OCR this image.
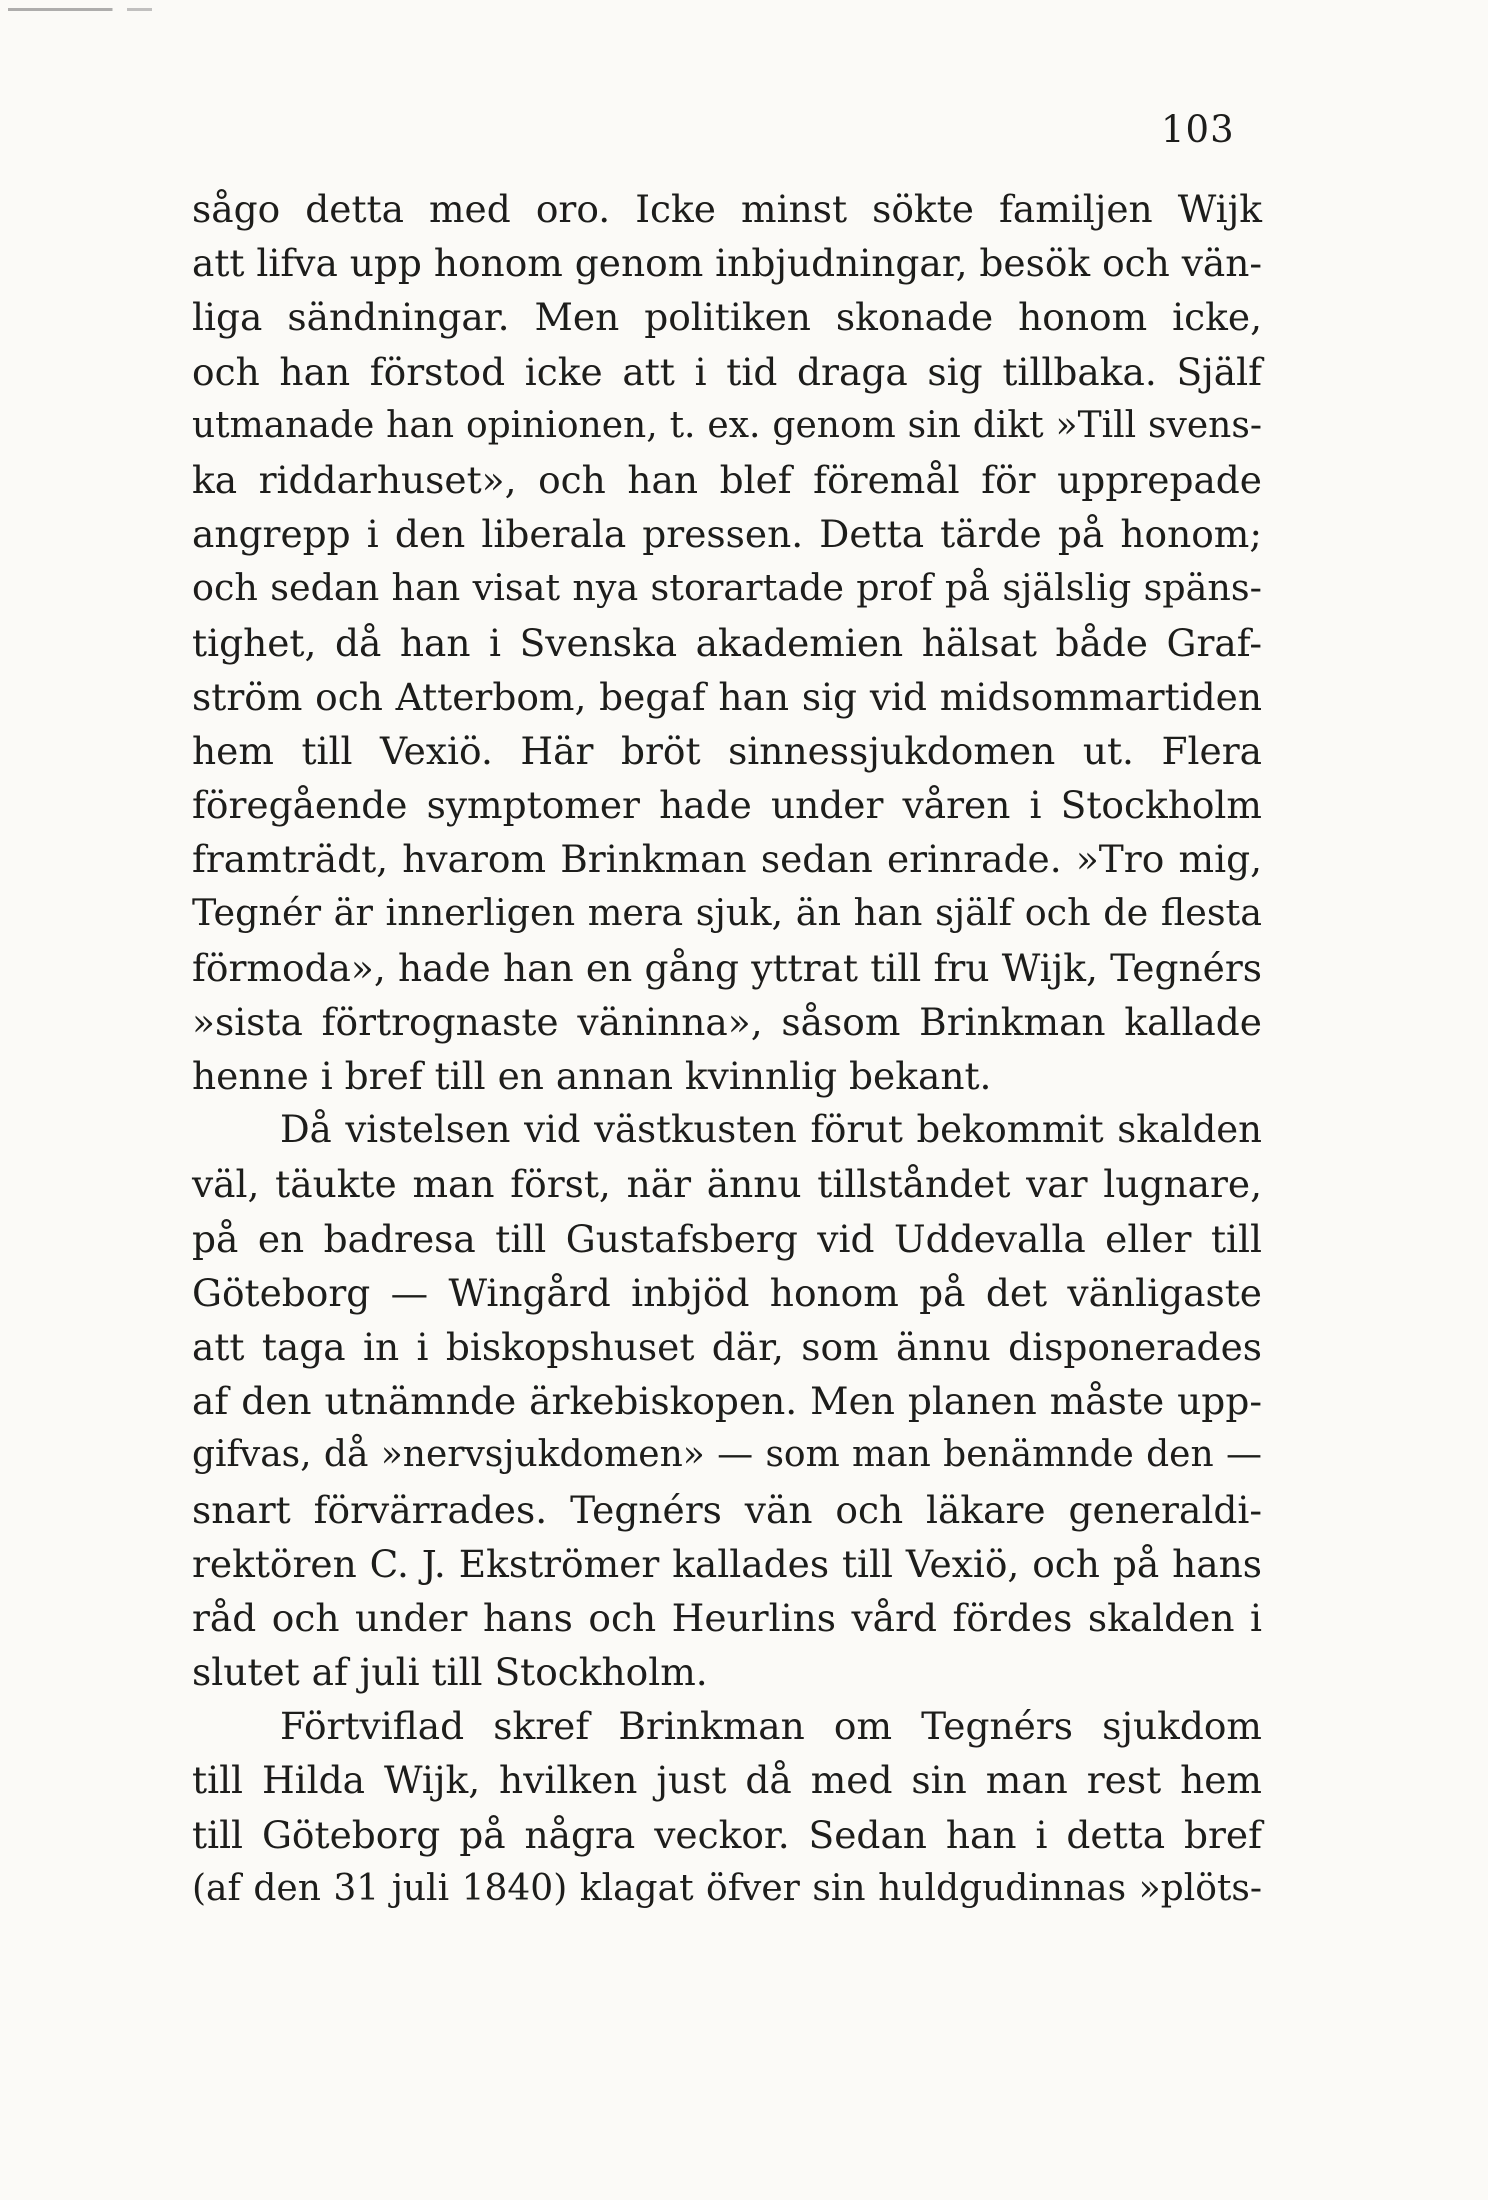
103
sågo detta med oro. Icke minst sökte familjen Wijk
att lifva upp honom genom inbjudningar, besök och vän-
liga sändningar. Men politiken skonade honom icke,
och han förstod icke att i tid draga sig tillbaka. Själf
utmanade han opinionen, t. ex. genom sin dikt »Till svens-
ka riddarhuset», och han blef föremål för upprepade
angrepp i den liberala pressen. Detta tärde på honom;
och sedan han visat nya storartade prof på själslig späns-
tighet, då han i Svenska akademien hälsat både Graf-
ström och Atterbom, begaf han sig vid midsommartiden
hem till Vexiö. Här bröt sinnessjukdomen ut. Flera
föregående symptomer hade under våren i Stockholm
framträdt, hvarom Brinkman sedan erinrade. »Tro mig,
Tegnér är innerligen mera sjuk, än han själf och de flesta
förmoda», hade han en gång yttrat till fru Wijk, Tegnérs
»sista förtrognaste väninna», såsom Brinkman kallade
henne i bref till en annan kvinnlig bekant.
Då vistelsen vid västkusten förut bekommit skalden
väl, täukte man först, när ännu tillståndet var lugnare,
på en badresa till Gustafsberg vid Uddevalla eller till
Göteborg — Wingård inbjöd honom på det vänligaste
att taga in i biskopshuset där, som ännu disponerades
af den utnämnde ärkebiskopen. Men planen måste upp-
gifvas, då »nervsjukdomen» — som man benämnde den —
snart förvärrades. Tegnérs vän och läkare generaldi-
rektören C. J. Ekströmer kallades till Vexiö, och på hans
råd och under hans och Heurlins vård fördes skalden i
slutet af juli till Stockholm.
Förtviflad skref Brinkman om Tegnérs sjukdom
till Hilda Wijk, hvilken just då med sin man rest hem
till Göteborg på några veckor. Sedan han i detta bref
(af den 31 juli 1840) klagat öfver sin huldgudinnas »plöts-
